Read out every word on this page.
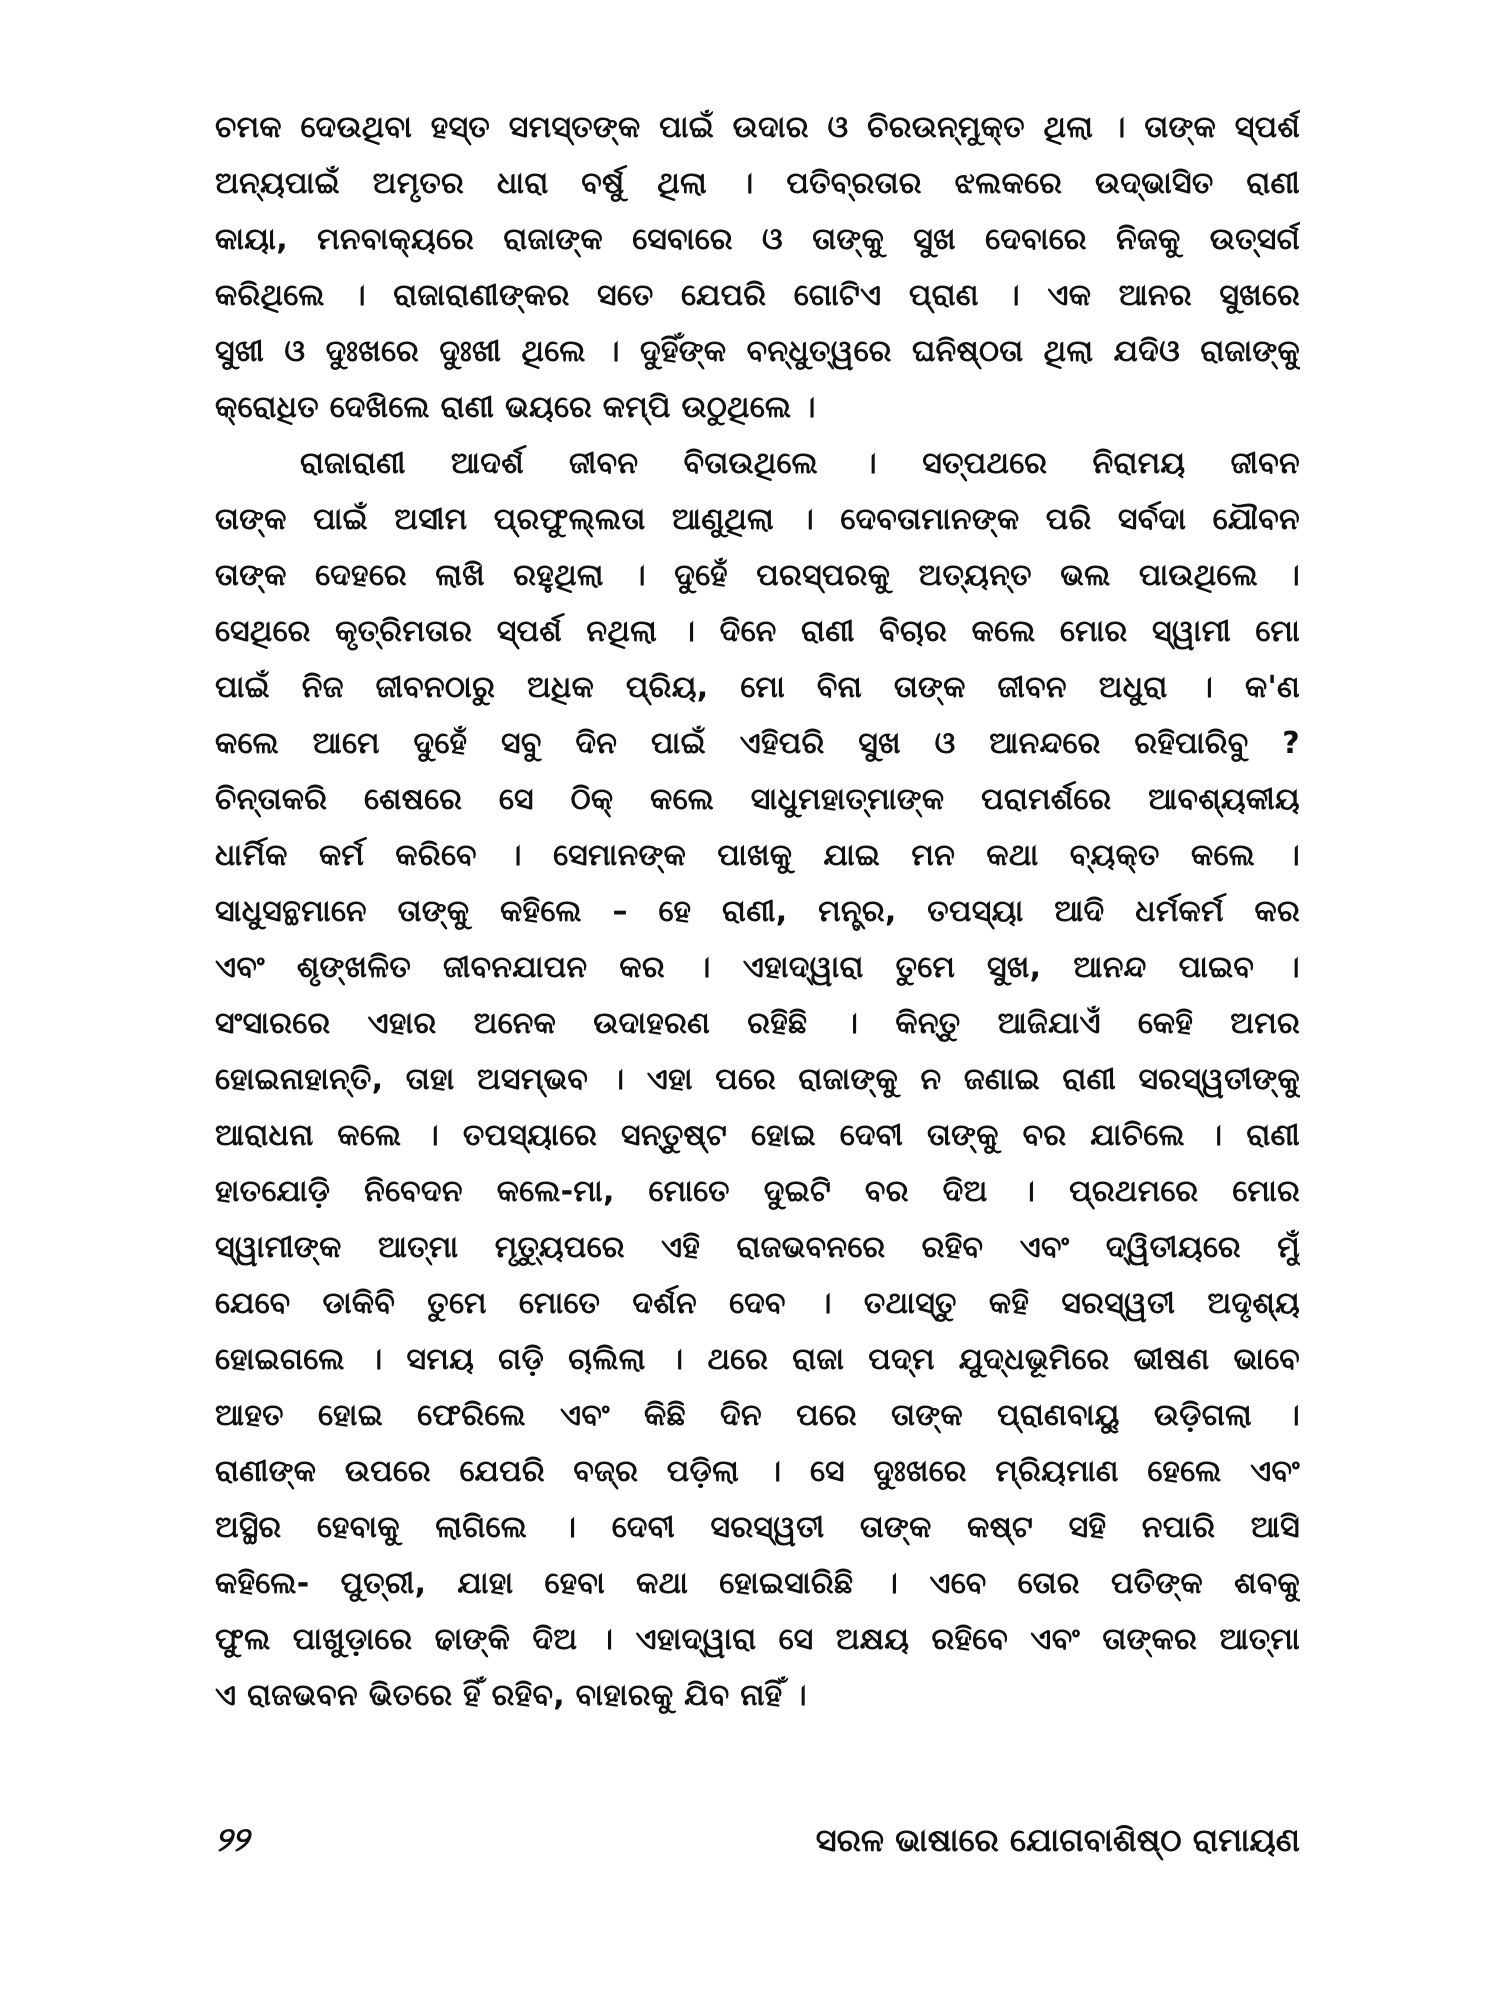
ଚମକ ଦେଉଥିବା ହସ୍ତ ସମସ୍ତଙ୍କ ପାଇଁ ଉଦାର ଓ ଚିରଉନ୍ମୁକ୍ତ ଥିଲା । ତାଙ୍କ ସ୍ପର୍ଶ
ଅନ୍ୟପାଇଁ ଅମୃତର ଧାରା ବର୍ଷୁ ଥିଲା । ପତିବ୍ରତାର ଝଲକରେ ଉଦ୍‌ଭାସିତ ରାଣୀ
କାୟା, ମନବାକ୍ୟରେ ରାଜାଙ୍କ ସେବାରେ ଓ ତାଙ୍କୁ ସୁଖ ଦେବାରେ ନିଜକୁ ଉତ୍ସର୍ଗ
କରିଥିଲେ । ରାଜାରାଣୀଙ୍କର ସତେ ଯେପରି ଗୋଟିଏ ପ୍ରାଣ । ଏକ ଆନର ସୁଖରେ
ସୁଖୀ ଓ ଦୁଃଖରେ ଦୁଃଖୀ ଥିଲେ । ଦୁହିଁଙ୍କ ବନ୍ଧୁତ୍ୱରେ ଘନିଷ୍ଠତା ଥିଲା ଯଦିଓ ରାଜାଙ୍କୁ
କ୍ରୋଧିତ ଦେଖିଲେ ରାଣୀ ଭୟରେ କମ୍ପି ଉଠୁଥିଲେ ।
ରାଜାରାଣୀ ଆଦର୍ଶ ଜୀବନ ବିତାଉଥିଲେ । ସତ୍‌ପଥରେ ନିରାମୟ ଜୀବନ
ତାଙ୍କ ପାଇଁ ଅସୀମ ପ୍ରଫୁଲ୍ଲତା ଆଣୁଥିଲା । ଦେବତାମାନଙ୍କ ପରି ସର୍ବଦା ଯୌବନ
ତାଙ୍କ ଦେହରେ ଲାଖି ରହୁଥିଲା । ଦୁହେଁ ପରସ୍ପରକୁ ଅତ୍ୟନ୍ତ ଭଲ ପାଉଥିଲେ ।
ସେଥିରେ କୃତ୍ରିମତାର ସ୍ପର୍ଶ ନଥିଲା । ଦିନେ ରାଣୀ ବିଚାର କଲେ ମୋର ସ୍ୱାମୀ ମୋ
ପାଇଁ ନିଜ ଜୀବନଠାରୁ ଅଧିକ ପ୍ରିୟ, ମୋ ବିନା ତାଙ୍କ ଜୀବନ ଅଧୁରା । କ'ଣ
କଲେ ଆମେ ଦୁହେଁ ସବୁ ଦିନ ପାଇଁ ଏହିପରି ସୁଖ ଓ ଆନନ୍ଦରେ ରହିପାରିବୁ ?
ଚିନ୍ତାକରି ଶେଷରେ ସେ ଠିକ୍ କଲେ ସାଧୁମହାତ୍ମାଙ୍କ ପରାମର୍ଶରେ ଆବଶ୍ୟକୀୟ
ଧାର୍ମିକ କର୍ମ କରିବେ । ସେମାନଙ୍କ ପାଖକୁ ଯାଇ ମନ କଥା ବ୍ୟକ୍ତ କଲେ ।
ସାଧୁସନ୍ଥମାନେ ତାଙ୍କୁ କହିଲେ – ହେ ରାଣୀ, ମନ୍ତ୍ର, ତପସ୍ୟା ଆଦି ଧର୍ମକର୍ମ କର
ଏବଂ ଶୃଙ୍ଖଳିତ ଜୀବନଯାପନ କର । ଏହାଦ୍ୱାରା ତୁମେ ସୁଖ, ଆନନ୍ଦ ପାଇବ ।
ସଂସାରରେ ଏହାର ଅନେକ ଉଦାହରଣ ରହିଛି । କିନ୍ତୁ ଆଜିଯାଏଁ କେହି ଅମର
ହୋଇନାହାନ୍ତି, ତାହା ଅସମ୍ଭବ । ଏହା ପରେ ରାଜାଙ୍କୁ ନ ଜଣାଇ ରାଣୀ ସରସ୍ୱତୀଙ୍କୁ
ଆରାଧନା କଲେ । ତପସ୍ୟାରେ ସନ୍ତୁଷ୍ଟ ହୋଇ ଦେବୀ ତାଙ୍କୁ ବର ଯାଚିଲେ । ରାଣୀ
ହାତଯୋଡ଼ି ନିବେଦନ କଲେ-ମା, ମୋତେ ଦୁଇଟି ବର ଦିଅ । ପ୍ରଥମରେ ମୋର
ସ୍ୱାମୀଙ୍କ ଆତ୍ମା ମୃତ୍ୟୁପରେ ଏହି ରାଜଭବନରେ ରହିବ ଏବଂ ଦ୍ୱିତୀୟରେ ମୁଁ
ଯେବେ ଡାକିବି ତୁମେ ମୋତେ ଦର୍ଶନ ଦେବ । ତଥାସ୍ତୁ କହି ସରସ୍ୱତୀ ଅଦୃଶ୍ୟ
ହୋଇଗଲେ । ସମୟ ଗଡ଼ି ଚାଲିଲା । ଥରେ ରାଜା ପଦ୍ମ ଯୁଦ୍ଧଭୂମିରେ ଭୀଷଣ ଭାବେ
ଆହତ ହୋଇ ଫେରିଲେ ଏବଂ କିଛି ଦିନ ପରେ ତାଙ୍କ ପ୍ରାଣବାୟୁ ଉଡ଼ିଗଲା ।
ରାଣୀଙ୍କ ଉପରେ ଯେପରି ବଜ୍ର ପଡ଼ିଲା । ସେ ଦୁଃଖରେ ମ୍ରିୟମାଣ ହେଲେ ଏବଂ
ଅସ୍ଥିର ହେବାକୁ ଲାଗିଲେ । ଦେବୀ ସରସ୍ୱତୀ ତାଙ୍କ କଷ୍ଟ ସହି ନପାରି ଆସି
କହିଲେ- ପୁତ୍ରୀ, ଯାହା ହେବା କଥା ହୋଇସାରିଛି । ଏବେ ତୋର ପତିଙ୍କ ଶବକୁ
ଫୁଲ ପାଖୁଡ଼ାରେ ଢାଙ୍କି ଦିଅ । ଏହାଦ୍ୱାରା ସେ ଅକ୍ଷୟ ରହିବେ ଏବଂ ତାଙ୍କର ଆତ୍ମା
ଏ ରାଜଭବନ ଭିତରେ ହିଁ ରହିବ, ବାହାରକୁ ଯିବ ନାହିଁ ।
୨୨	ସରଳ ଭାଷାରେ ଯୋଗବାଶିଷ୍ଠ ରାମାୟଣ
